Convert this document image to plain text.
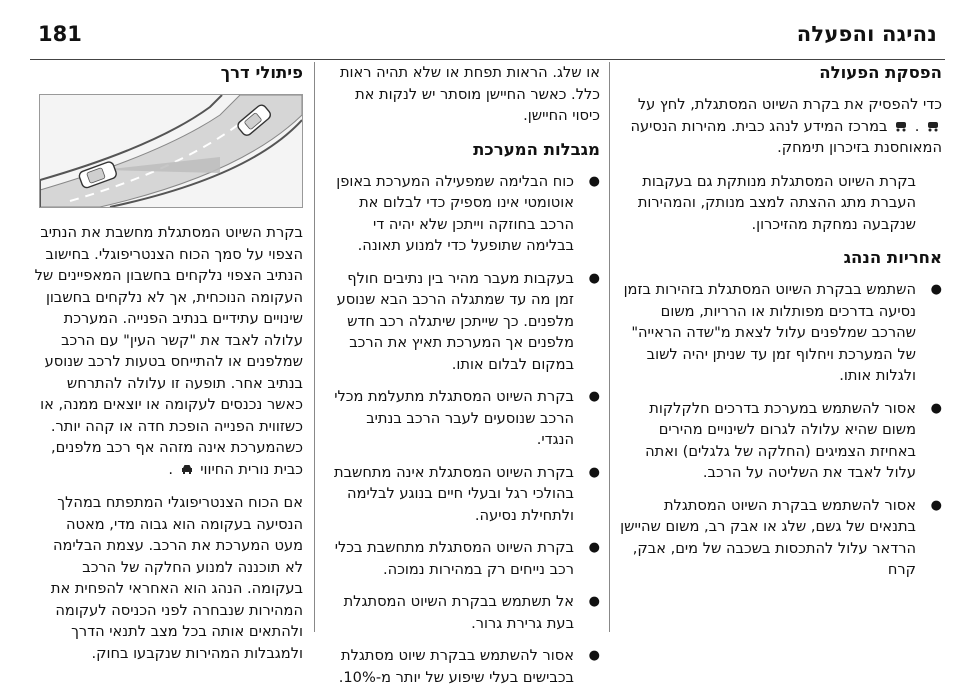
נהיגה והפעלה
181
הפסקת הפעולה

כדי להפסיק את בקרת השיוט המסתגלת, לחץ על  .  במרכז המידע לנהג כבית. מהירות הנסיעה המאוחסנת בזיכרון תימחק.

בקרת השיוט המסתגלת מנותקת גם בעקבות העברת מתג ההצתה למצב מנותק, והמהירות שנקבעה נמחקת מהזיכרון.

אחריות הנהג
● השתמש בבקרת השיוט המסתגלת בזהירות בזמן נסיעה בדרכים מפותלות או הרריות, משום שהרכב שמלפנים עלול לצאת מ"שדה הראייה" של המערכת ויחלוף זמן עד שניתן יהיה לשוב ולגלות אותו.
● אסור להשתמש במערכת בדרכים חלקלקות משום שהיא עלולה לגרום לשינויים מהירים באחיזת הצמיגים (החלקה של גלגלים) ואתה עלול לאבד את השליטה על הרכב.
● אסור להשתמש בבקרת השיוט המסתגלת בתנאים של גשם, שלג או אבק רב, משום שהיישן הרדאר עלול להתכסות בשכבה של מים, אבק, קרח

או שלג. הראות תפחת או שלא תהיה ראות כלל. כאשר החיישן מוסתר יש לנקות את כיסוי החיישן.

מגבלות המערכת
● כוח הבלימה שמפעילה המערכת באופן אוטומטי אינו מספיק כדי לבלום את הרכב בחוזקה וייתכן שלא יהיה די בבלימה שתופעל כדי למנוע תאונה.
● בעקבות מעבר מהיר בין נתיבים חולף זמן מה עד שמתגלה הרכב הבא שנוסע מלפנים. כך שייתכן שיתגלה רכב חדש מלפנים אך המערכת תאיץ את הרכב במקום לבלום אותו.
● בקרת השיוט המסתגלת מתעלמת מכלי הרכב שנוסעים לעבר הרכב בנתיב הנגדי.
● בקרת השיוט המסתגלת אינה מתחשבת בהולכי רגל ובעלי חיים בנוגע לבלימה ולתחילת נסיעה.
● בקרת השיוט המסתגלת מתחשבת בכלי רכב נייחים רק במהירות נמוכה.
● אל תשתמש בבקרת השיוט המסתגלת בעת גרירת גרור.
● אסור להשתמש בבקרת שיוט מסתגלת בכבישים בעלי שיפוע של יותר מ-10%.
פיתולי דרך

בקרת השיוט המסתגלת מחשבת את הנתיב הצפוי על סמך הכוח הצנטריפוגלי. בחישוב הנתיב הצפוי נלקחים בחשבון המאפיינים של העקומה הנוכחית, אך לא נלקחים בחשבון שינויים עתידיים בנתיב הפנייה. המערכת עלולה לאבד את "קשר העין" עם הרכב שמלפנים או להתייחס בטעות לרכב שנוסע בנתיב אחר. תופעה זו עלולה להתרחש כאשר נכנסים לעקומה או יוצאים ממנה, או כשזווית הפנייה הופכת חדה או קהה יותר. כשהמערכת אינה מזהה אף רכב מלפנים, כבית נורית החיווי  .

אם הכוח הצנטריפוגלי המתפתח במהלך הנסיעה בעקומה הוא גבוה מדי, מאטה מעט המערכת את הרכב. עצמת הבלימה לא תוכננה למנוע החלקה של הרכב בעקומה. הנהג הוא האחראי להפחית את המהירות שנבחרה לפני הכניסה לעקומה ולהתאים אותה בכל מצב לתנאי הדרך ולמגבלות המהירות שנקבעו בחוק.
